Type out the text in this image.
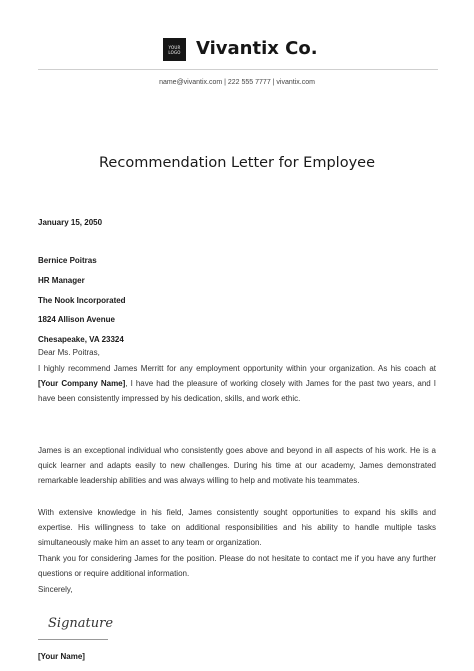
YOUR LOGO Vivantix Co.
name@vivantix.com | 222 555 7777 | vivantix.com
Recommendation Letter for Employee
January 15, 2050
Bernice Poitras
HR Manager
The Nook Incorporated
1824 Allison Avenue
Chesapeake, VA 23324
Dear Ms. Poitras,
I highly recommend James Merritt for any employment opportunity within your organization. As his coach at [Your Company Name], I have had the pleasure of working closely with James for the past two years, and I have been consistently impressed by his dedication, skills, and work ethic.
James is an exceptional individual who consistently goes above and beyond in all aspects of his work. He is a quick learner and adapts easily to new challenges. During his time at our academy, James demonstrated remarkable leadership abilities and was always willing to help and motivate his teammates.
With extensive knowledge in his field, James consistently sought opportunities to expand his skills and expertise. His willingness to take on additional responsibilities and his ability to handle multiple tasks simultaneously make him an asset to any team or organization.
Thank you for considering James for the position. Please do not hesitate to contact me if you have any further questions or require additional information.
Sincerely,
Signature
[Your Name]
